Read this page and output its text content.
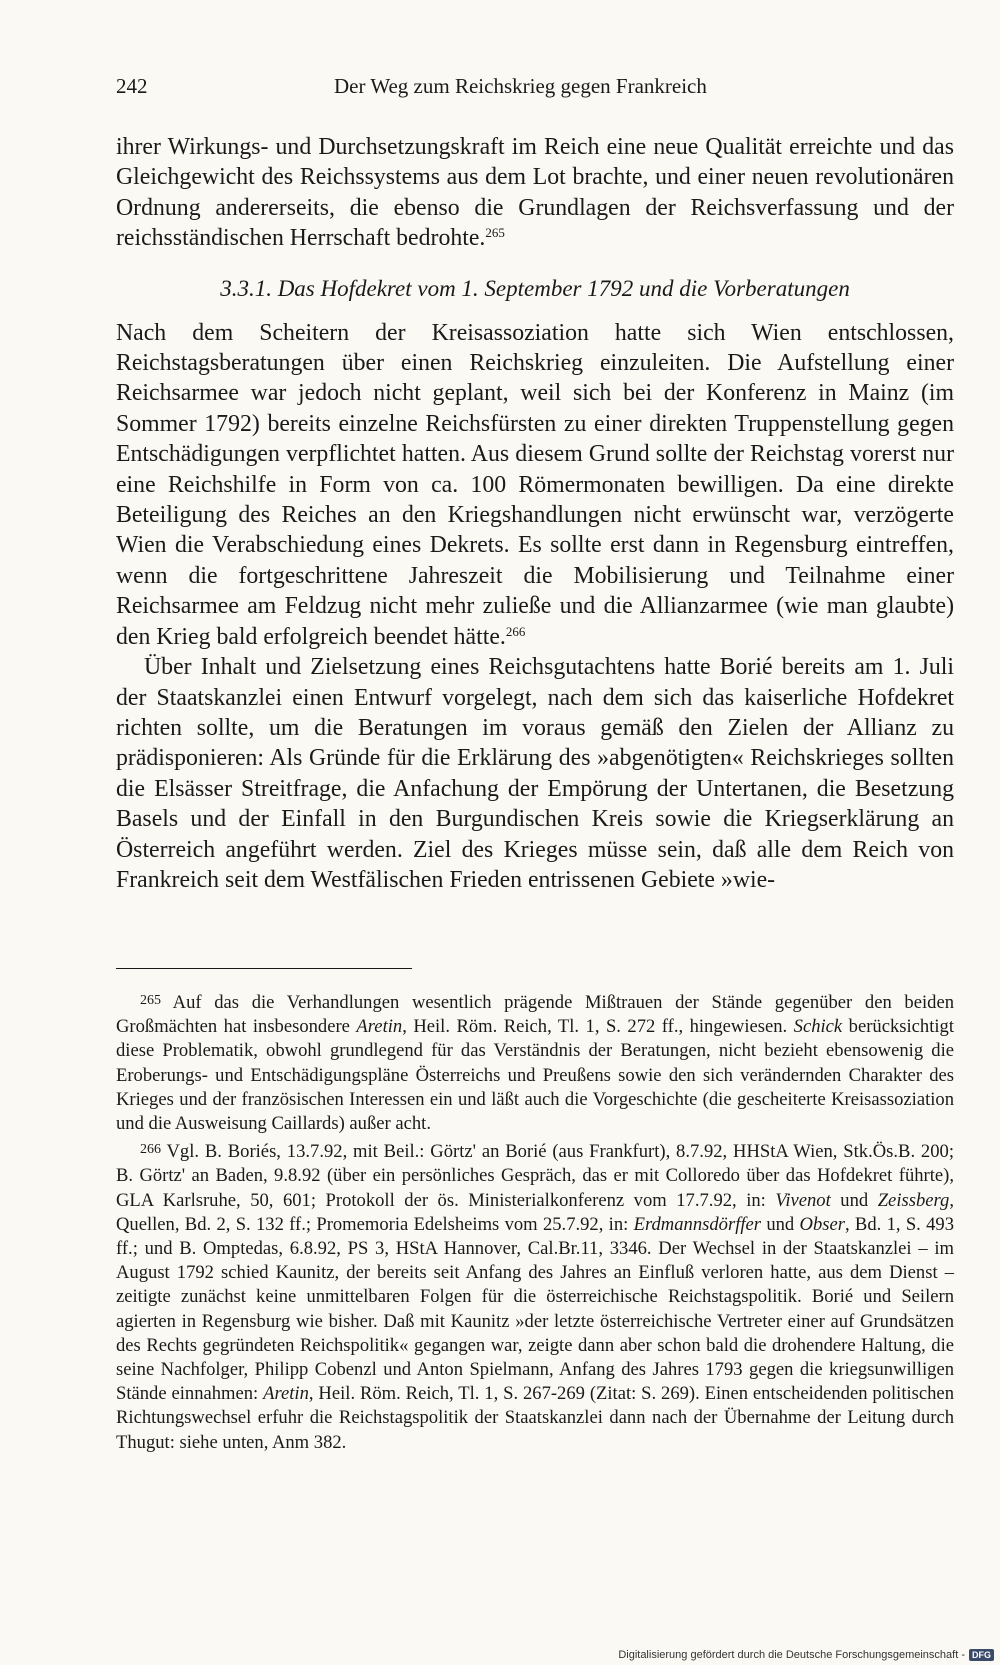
242	Der Weg zum Reichskrieg gegen Frankreich

ihrer Wirkungs- und Durchsetzungskraft im Reich eine neue Qualität erreichte und das Gleichgewicht des Reichssystems aus dem Lot brachte, und einer neuen revolutionären Ordnung andererseits, die ebenso die Grundlagen der Reichsverfassung und der reichsständischen Herrschaft bedrohte.$^{265}$

3.3.1. Das Hofdekret vom 1. September 1792 und die Vorberatungen

Nach dem Scheitern der Kreisassoziation hatte sich Wien entschlossen, Reichstagsberatungen über einen Reichskrieg einzuleiten. Die Aufstellung einer Reichsarmee war jedoch nicht geplant, weil sich bei der Konferenz in Mainz (im Sommer 1792) bereits einzelne Reichsfürsten zu einer direkten Truppenstellung gegen Entschädigungen verpflichtet hatten. Aus diesem Grund sollte der Reichstag vorerst nur eine Reichshilfe in Form von ca. 100 Römermonaten bewilligen. Da eine direkte Beteiligung des Reiches an den Kriegshandlungen nicht erwünscht war, verzögerte Wien die Verabschiedung eines Dekrets. Es sollte erst dann in Regensburg eintreffen, wenn die fortgeschrittene Jahreszeit die Mobilisierung und Teilnahme einer Reichsarmee am Feldzug nicht mehr zuließe und die Allianzarmee (wie man glaubte) den Krieg bald erfolgreich beendet hätte.$^{266}$

Über Inhalt und Zielsetzung eines Reichsgutachtens hatte Borié bereits am 1. Juli der Staatskanzlei einen Entwurf vorgelegt, nach dem sich das kaiserliche Hofdekret richten sollte, um die Beratungen im voraus gemäß den Zielen der Allianz zu prädisponieren: Als Gründe für die Erklärung des »abgenötigten« Reichskrieges sollten die Elsässer Streitfrage, die Anfachung der Empörung der Untertanen, die Besetzung Basels und der Einfall in den Burgundischen Kreis sowie die Kriegserklärung an Österreich angeführt werden. Ziel des Krieges müsse sein, daß alle dem Reich von Frankreich seit dem Westfälischen Frieden entrissenen Gebiete »wie-

$^{265}$ Auf das die Verhandlungen wesentlich prägende Mißtrauen der Stände gegenüber den beiden Großmächten hat insbesondere Aretin, Heil. Röm. Reich, Tl. 1, S. 272 ff., hingewiesen. Schick berücksichtigt diese Problematik, obwohl grundlegend für das Verständnis der Beratungen, nicht bezieht ebensowenig die Eroberungs- und Entschädigungspläne Österreichs und Preußens sowie den sich verändernden Charakter des Krieges und der französischen Interessen ein und läßt auch die Vorgeschichte (die gescheiterte Kreisassoziation und die Ausweisung Caillards) außer acht.

$^{266}$ Vgl. B. Boriés, 13.7.92, mit Beil.: Görtz' an Borié (aus Frankfurt), 8.7.92, HHStA Wien, Stk.Ös.B. 200; B. Görtz' an Baden, 9.8.92 (über ein persönliches Gespräch, das er mit Colloredo über das Hofdekret führte), GLA Karlsruhe, 50, 601; Protokoll der ös. Ministerialkonferenz vom 17.7.92, in: Vivenot und Zeissberg, Quellen, Bd. 2, S. 132 ff.; Promemoria Edelsheims vom 25.7.92, in: Erdmannsdörffer und Obser, Bd. 1, S. 493 ff.; und B. Omptedas, 6.8.92, PS 3, HStA Hannover, Cal.Br.11, 3346. Der Wechsel in der Staatskanzlei – im August 1792 schied Kaunitz, der bereits seit Anfang des Jahres an Einfluß verloren hatte, aus dem Dienst – zeitigte zunächst keine unmittelbaren Folgen für die österreichische Reichstagspolitik. Borié und Seilern agierten in Regensburg wie bisher. Daß mit Kaunitz »der letzte österreichische Vertreter einer auf Grundsätzen des Rechts gegründeten Reichspolitik« gegangen war, zeigte dann aber schon bald die drohendere Haltung, die seine Nachfolger, Philipp Cobenzl und Anton Spielmann, Anfang des Jahres 1793 gegen die kriegsunwilligen Stände einnahmen: Aretin, Heil. Röm. Reich, Tl. 1, S. 267-269 (Zitat: S. 269). Einen entscheidenden politischen Richtungswechsel erfuhr die Reichstagspolitik der Staatskanzlei dann nach der Übernahme der Leitung durch Thugut: siehe unten, Anm 382.

Digitalisierung gefördert durch die Deutsche Forschungsgemeinschaft - DFG
